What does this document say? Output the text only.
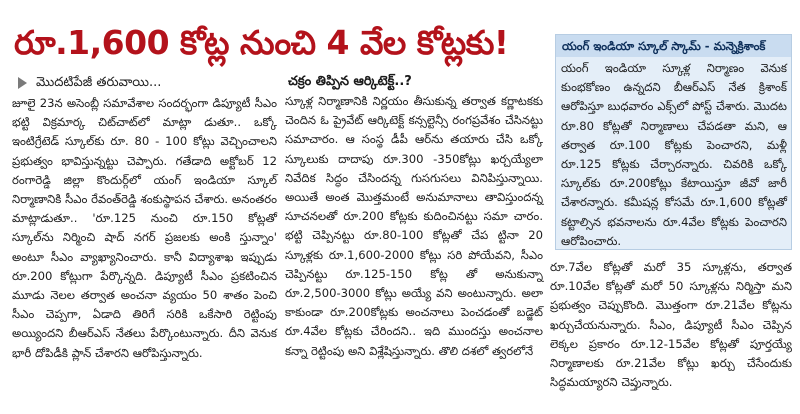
రూ.1,600 కోట్ల నుంచి 4 వేల కోట్లకు!
మొదటిపేజీ తరువాయి...

జూలై 23న అసెంబ్లీ సమావేశాల సందర్భంగా డిప్యూటీ సీఎం భట్టి విక్రమార్క చిట్‌చాట్‌లో మాట్లా డుతూ.. ఒక్కో ఇంటిగ్రేటెడ్ స్కూల్‌కు రూ. 80 - 100 కోట్లు వెచ్చించాలని ప్రభుత్వం భావిస్తున్నట్టు చెప్పారు. గతేడాది అక్టోబర్ 12 రంగారెడ్డి జిల్లా కొందుర్గ్‌లో యంగ్ ఇండియా స్కూల్ నిర్మాణానికి సీఎం రేవంత్‌రెడ్డి శంకుస్థాపన చేశారు. అనంతరం మాట్లాడుతూ.. 'రూ.125 నుంచి రూ.150 కోట్లతో స్కూల్‌ను నిర్మించి షాద్ నగర్ ప్రజలకు అంకి స్తున్నాం' అంటూ సీఎం వ్యాఖ్యానించారు. కానీ విద్యాశాఖ ఇప్పుడు రూ.200 కోట్లుగా పేర్కొన్నది. డిప్యూటీ సీఎం ప్రకటించిన మూడు నెలల తర్వాత అంచనా వ్యయం 50 శాతం పెంచి సీఎం చెప్పగా, ఏడాది తిరిగే సరికి ఒకేసారి రెట్టింపు అయ్యిందని బీఆర్ఎస్ నేతలు పేర్కొంటున్నారు. దీని వెనుక భారీ దోపిడీకి ప్లాన్ చేశారని ఆరోపిస్తున్నారు.

చక్రం తిప్పిన ఆర్కిటెక్ట్..?

స్కూళ్ల నిర్మాణానికి నిర్ణయం తీసుకున్న తర్వాత కర్ణాటకకు చెందిన ఓ ప్రైవేట్ ఆర్కిటెక్ట్ కన్సల్టెన్సీ రంగప్రవేశం చేసినట్టు సమాచారం. ఆ సంస్థ డీపీ ఆర్‌ను తయారు చేసి ఒక్కో స్కూలుకు దాదాపు రూ.300 -350కోట్లు ఖర్చయ్యేలా నివేదిక సిద్ధం చేసిందన్న గుసగుసలు వినిపిస్తున్నాయి. అయితే అంత మొత్తమంటే అనుమానాలు తావిస్తుందన్న సూచనలతో రూ.200 కోట్లకు కుదించినట్టు సమా చారం. భట్టి చెప్పినట్టు రూ.80-100 కోట్లతో చేప ట్టినా 20 స్కూళ్లకు రూ.1,600-2000 కోట్లు సరి పోయేవని, సీఎం చెప్పినట్టు రూ.125-150 కోట్ల తో అనుకున్నా రూ.2,500-3000 కోట్లు అయ్యే వని అంటున్నారు. అలా కాకుండా రూ.200కోట్లకు అంచనాలు పెంచడంతో బడ్జెట్ రూ.4వేల కోట్లకు చేరిందని.. ఇది ముందస్తు అంచనాల కన్నా రెట్టింపు అని విశ్లేషిస్తున్నారు. తొలి దశలో త్వరలోనే

యంగ్ ఇండియా స్కూల్ స్కామ్ - మన్నెక్రిశాంక్
యంగ్ ఇండియా స్కూళ్ల నిర్మాణం వెనుక కుంభకోణం ఉన్నదని బీఆర్ఎస్ నేత క్రిశాంక్ ఆరోపిస్తూ బుధవారం ఎక్స్‌లో పోస్ట్ చేశారు. మొదట రూ.80 కోట్లతో నిర్మాణాలు చేపడతా మని, ఆ తర్వాత రూ.100 కోట్లకు పెంచారని, మళ్లీ రూ.125 కోట్లకు చేర్చారన్నారు. చివరికి ఒక్కో స్కూల్‌కు రూ.200కోట్లు కేటాయిస్తూ జీవో జారీ చేశారన్నారు. కమీషన్ల కోసమే రూ.1,600 కోట్లతో కట్టాల్సిన భవనాలను రూ.4వేల కోట్లకు పెంచారని ఆరోపించారు.

రూ.7వేల కోట్లతో మరో 35 స్కూళ్లను, తర్వాత రూ.10వేల కోట్లతో మరో 50 స్కూళ్లను నిర్మిస్తా మని ప్రభుత్వం చెప్పుకొంది. మొత్తంగా రూ.21వేల కోట్లను ఖర్చుచేయనున్నారు. సీఎం, డిప్యూటీ సీఎం చెప్పిన లెక్కల ప్రకారం రూ.12-15వేల కోట్లతో పూర్తయ్యే నిర్మాణాలకు రూ.21వేల కోట్లు ఖర్చు చేసేందుకు సిద్ధమయ్యారని చెప్తున్నారు.
